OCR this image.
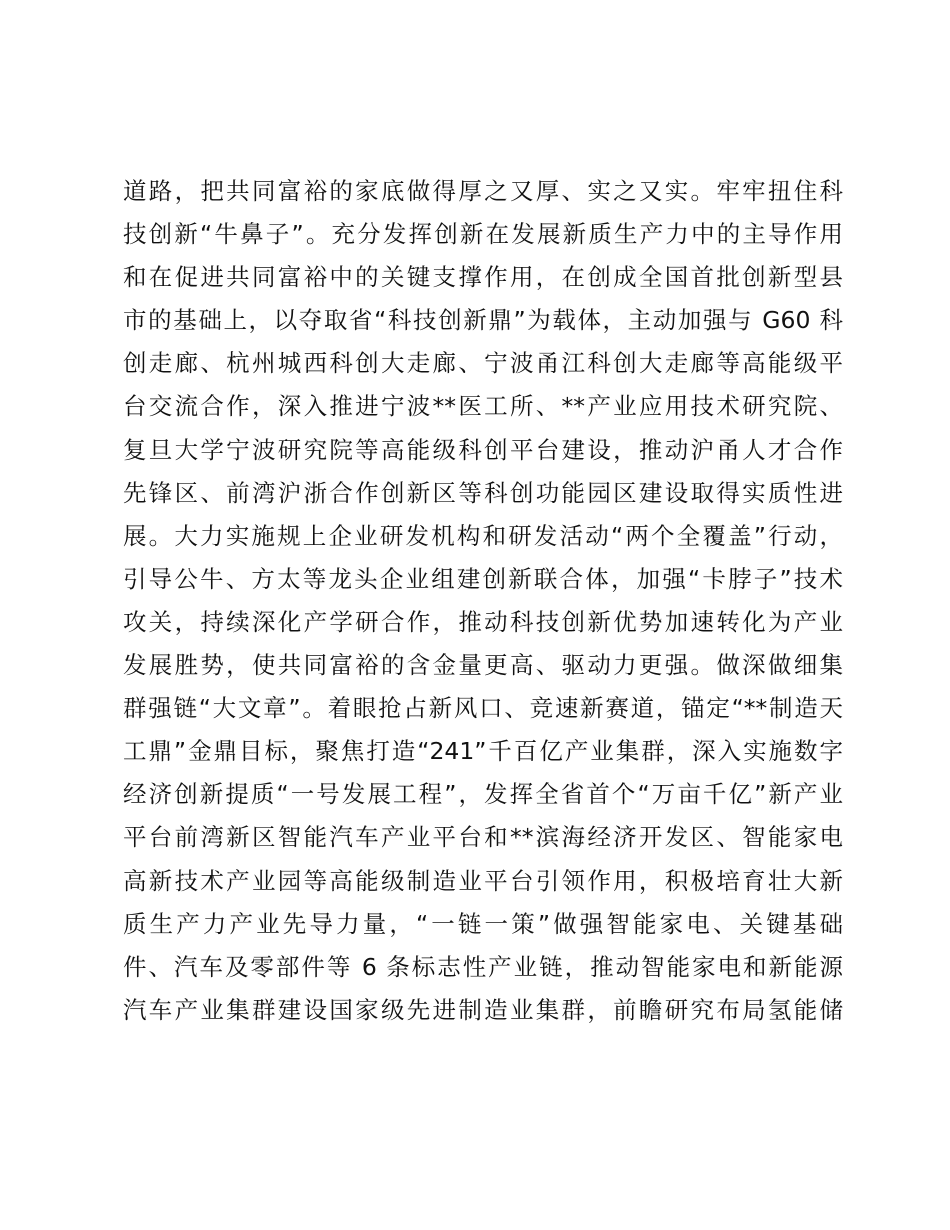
道路，把共同富裕的家底做得厚之又厚、实之又实。牢牢扭住科
技创新“牛鼻子”。充分发挥创新在发展新质生产力中的主导作用
和在促进共同富裕中的关键支撑作用，在创成全国首批创新型县
市的基础上，以夺取省“科技创新鼎”为载体，主动加强与 G60 科
创走廊、杭州城西科创大走廊、宁波甬江科创大走廊等高能级平
台交流合作，深入推进宁波**医工所、**产业应用技术研究院、
复旦大学宁波研究院等高能级科创平台建设，推动沪甬人才合作
先锋区、前湾沪浙合作创新区等科创功能园区建设取得实质性进
展。大力实施规上企业研发机构和研发活动“两个全覆盖”行动，
引导公牛、方太等龙头企业组建创新联合体，加强“卡脖子”技术
攻关，持续深化产学研合作，推动科技创新优势加速转化为产业
发展胜势，使共同富裕的含金量更高、驱动力更强。做深做细集
群强链“大文章”。着眼抢占新风口、竞速新赛道，锚定“**制造天
工鼎”金鼎目标，聚焦打造“241”千百亿产业集群，深入实施数字
经济创新提质“一号发展工程”，发挥全省首个“万亩千亿”新产业
平台前湾新区智能汽车产业平台和**滨海经济开发区、智能家电
高新技术产业园等高能级制造业平台引领作用，积极培育壮大新
质生产力产业先导力量，“一链一策”做强智能家电、关键基础
件、汽车及零部件等 6 条标志性产业链，推动智能家电和新能源
汽车产业集群建设国家级先进制造业集群，前瞻研究布局氢能储
